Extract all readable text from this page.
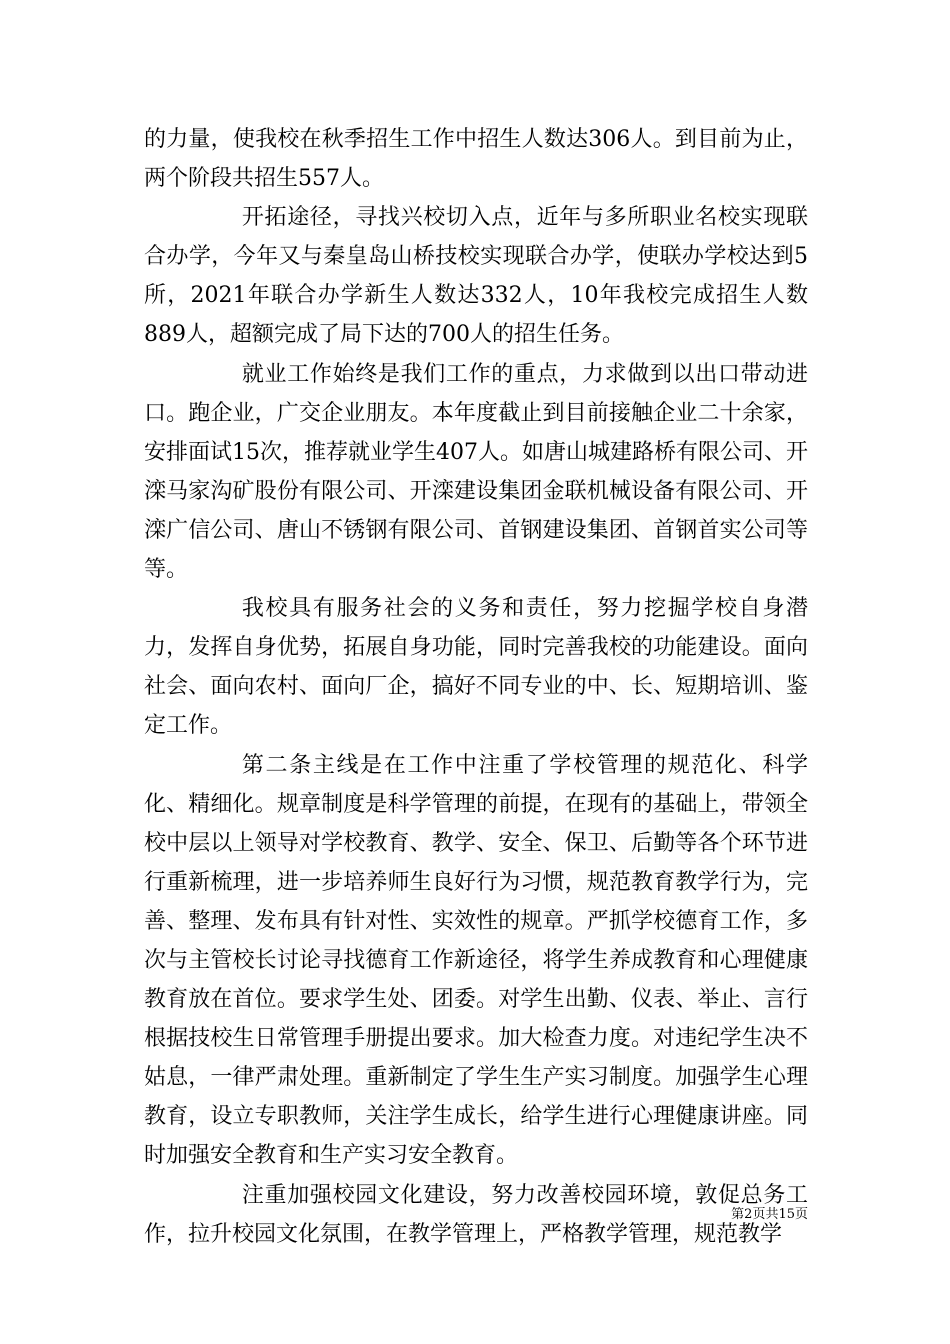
的力量，使我校在秋季招生工作中招生人数达306人。到目前为止，两个阶段共招生557人。

开拓途径，寻找兴校切入点，近年与多所职业名校实现联合办学，今年又与秦皇岛山桥技校实现联合办学，使联办学校达到5所，2021年联合办学新生人数达332人，10年我校完成招生人数889人，超额完成了局下达的700人的招生任务。

就业工作始终是我们工作的重点，力求做到以出口带动进口。跑企业，广交企业朋友。本年度截止到目前接触企业二十余家，安排面试15次，推荐就业学生407人。如唐山城建路桥有限公司、开滦马家沟矿股份有限公司、开滦建设集团金联机械设备有限公司、开滦广信公司、唐山不锈钢有限公司、首钢建设集团、首钢首实公司等等。

我校具有服务社会的义务和责任，努力挖掘学校自身潜力，发挥自身优势，拓展自身功能，同时完善我校的功能建设。面向社会、面向农村、面向厂企，搞好不同专业的中、长、短期培训、鉴定工作。

第二条主线是在工作中注重了学校管理的规范化、科学化、精细化。规章制度是科学管理的前提，在现有的基础上，带领全校中层以上领导对学校教育、教学、安全、保卫、后勤等各个环节进行重新梳理，进一步培养师生良好行为习惯，规范教育教学行为，完善、整理、发布具有针对性、实效性的规章。严抓学校德育工作，多次与主管校长讨论寻找德育工作新途径，将学生养成教育和心理健康教育放在首位。要求学生处、团委。对学生出勤、仪表、举止、言行根据技校生日常管理手册提出要求。加大检查力度。对违纪学生决不姑息，一律严肃处理。重新制定了学生生产实习制度。加强学生心理教育，设立专职教师，关注学生成长，给学生进行心理健康讲座。同时加强安全教育和生产实习安全教育。

注重加强校园文化建设，努力改善校园环境，敦促总务工作，拉升校园文化氛围，在教学管理上，严格教学管理，规范教学

第2页共15页
